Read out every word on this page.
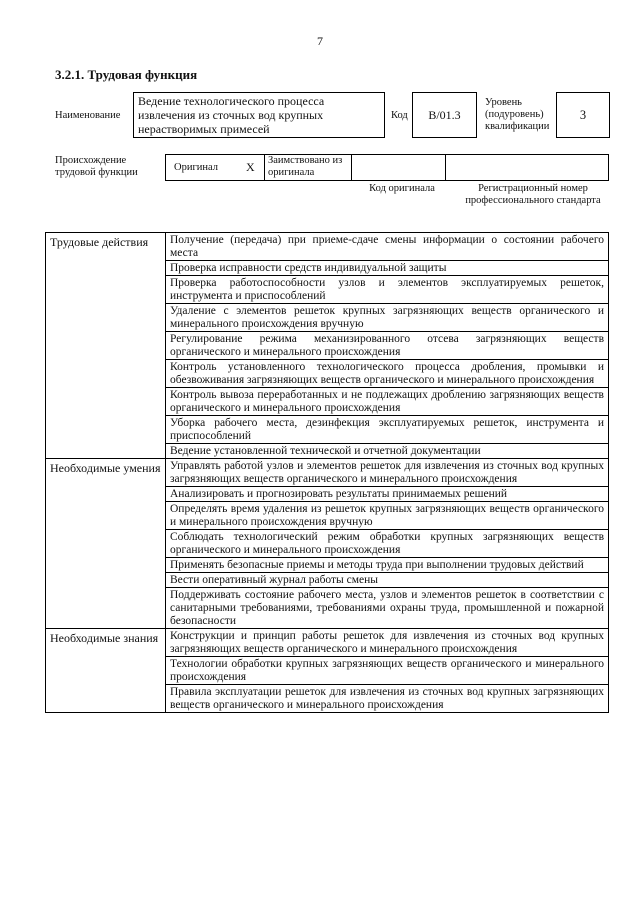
7
3.2.1. Трудовая функция
Наименование
Ведение технологического процесса извлечения из сточных вод крупных нерастворимых примесей
Код	В/01.3
Уровень (подуровень) квалификации
3
Происхождение трудовой функции	Оригинал X	Заимствовано из оригинала
Код оригинала	Регистрационный номер профессионального стандарта
Трудовые действия	Получение (передача) при приеме-сдаче смены информации о состоянии рабочего места
	Проверка исправности средств индивидуальной защиты
	Проверка работоспособности узлов и элементов эксплуатируемых решеток, инструмента и приспособлений
	Удаление с элементов решеток крупных загрязняющих веществ органического и минерального происхождения вручную
	Регулирование режима механизированного отсева загрязняющих веществ органического и минерального происхождения
	Контроль установленного технологического процесса дробления, промывки и обезвоживания загрязняющих веществ органического и минерального происхождения
	Контроль вывоза переработанных и не подлежащих дроблению загрязняющих веществ органического и минерального происхождения
	Уборка рабочего места, дезинфекция эксплуатируемых решеток, инструмента и приспособлений
	Ведение установленной технической и отчетной документации
Необходимые умения	Управлять работой узлов и элементов решеток для извлечения из сточных вод крупных загрязняющих веществ органического и минерального происхождения
	Анализировать и прогнозировать результаты принимаемых решений
	Определять время удаления из решеток крупных загрязняющих веществ органического и минерального происхождения вручную
	Соблюдать технологический режим обработки крупных загрязняющих веществ органического и минерального происхождения
	Применять безопасные приемы и методы труда при выполнении трудовых действий
	Вести оперативный журнал работы смены
	Поддерживать состояние рабочего места, узлов и элементов решеток в соответствии с санитарными требованиями, требованиями охраны труда, промышленной и пожарной безопасности
Необходимые знания	Конструкции и принцип работы решеток для извлечения из сточных вод крупных загрязняющих веществ органического и минерального происхождения
	Технологии обработки крупных загрязняющих веществ органического и минерального происхождения
	Правила эксплуатации решеток для извлечения из сточных вод крупных загрязняющих веществ органического и минерального происхождения
